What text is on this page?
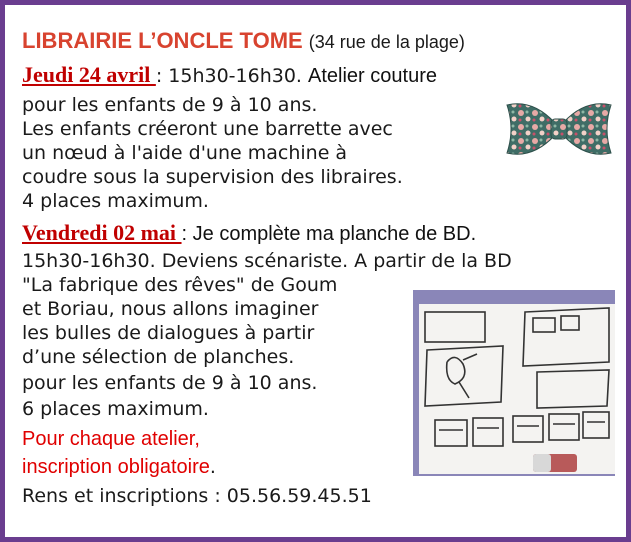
LIBRAIRIE L’ONCLE TOME (34 rue de la plage)
Jeudi 24 avril : 15h30-16h30. Atelier couture
pour les enfants de 9 à 10 ans.
Les enfants créeront une barrette avec
un nœud à l'aide d'une machine à
coudre sous la supervision des libraires.
4 places maximum.
Vendredi 02 mai : Je complète ma planche de BD.
15h30-16h30. Deviens scénariste. A partir de la BD
"La fabrique des rêves" de Goum
et Boriau, nous allons imaginer
les bulles de dialogues à partir
d’une sélection de planches.
pour les enfants de 9 à 10 ans.
6 places maximum.
Pour chaque atelier,
inscription obligatoire.
Rens et inscriptions : 05.56.59.45.51
